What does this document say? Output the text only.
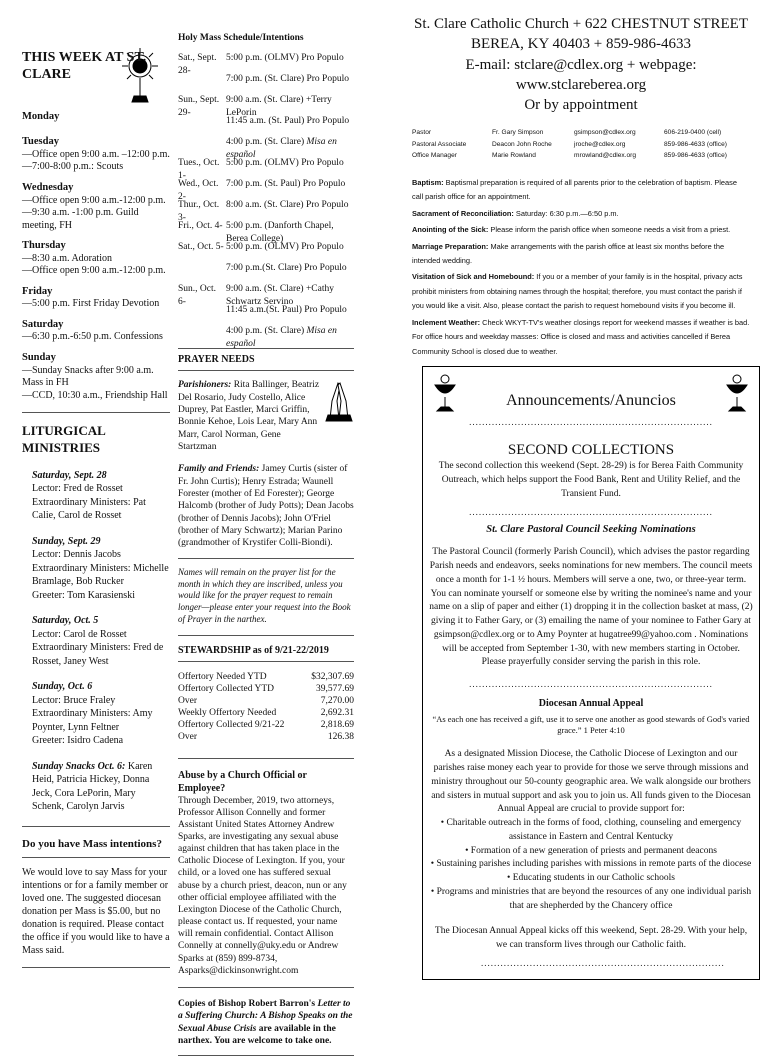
THIS WEEK AT ST. CLARE
Monday
Tuesday
—Office open 9:00 a.m. –12:00 p.m.
—7:00-8:00 p.m.: Scouts
Wednesday
—Office open 9:00 a.m.-12:00 p.m.
—9:30 a.m. -1:00 p.m. Guild meeting, FH
Thursday
—8:30 a.m. Adoration
—Office open 9:00 a.m.-12:00 p.m.
Friday
—5:00 p.m. First Friday Devotion
Saturday
—6:30 p.m.-6:50 p.m. Confessions
Sunday
—Sunday Snacks after 9:00 a.m. Mass in FH
—CCD, 10:30 a.m., Friendship Hall
LITURGICAL MINISTRIES
Saturday, Sept. 28
Lector: Fred de Rosset
Extraordinary Ministers: Pat Calie, Carol de Rosset
Sunday, Sept. 29
Lector: Dennis Jacobs
Extraordinary Ministers: Michelle Bramlage, Bob Rucker
Greeter: Tom Karasienski
Saturday, Oct. 5
Lector: Carol de Rosset
Extraordinary Ministers: Fred de Rosset, Janey West
Sunday, Oct. 6
Lector: Bruce Fraley
Extraordinary Ministers: Amy Poynter, Lynn Feltner
Greeter: Isidro Cadena
Sunday Snacks Oct. 6: Karen Heid, Patricia Hickey, Donna Jeck, Cora LePorin, Mary Schenk, Carolyn Jarvis
Do you have Mass intentions?
We would love to say Mass for your intentions or for a family member or loved one. The suggested diocesan donation per Mass is $5.00, but no donation is required. Please contact the office if you would like to have a Mass said.
Holy Mass Schedule/Intentions
Sat., Sept. 28-
5:00 p.m. (OLMV) Pro Populo
7:00 p.m. (St. Clare) Pro Populo
Sun., Sept. 29-
9:00 a.m. (St. Clare) +Terry LePorin
11:45 a.m. (St. Paul) Pro Populo
4:00 p.m. (St. Clare) Misa en español
Tues., Oct. 1-
5:00 p.m. (OLMV) Pro Populo
Wed., Oct. 2-
7:00 p.m. (St. Paul) Pro Populo
Thur., Oct. 3-
8:00 a.m. (St. Clare) Pro Populo
Fri., Oct. 4- 5:00 p.m. (Danforth Chapel, Berea College)
Sat., Oct. 5- 5:00 p.m. (OLMV) Pro Populo
7:00 p.m.(St. Clare) Pro Populo
Sun., Oct. 6-
9:00 a.m. (St. Clare) +Cathy Schwartz Servino
11:45 a.m.(St. Paul) Pro Populo
4:00 p.m. (St. Clare) Misa en español
PRAYER NEEDS
Parishioners: Rita Ballinger, Beatriz Del Rosario, Judy Costello, Alice Duprey, Pat Eastler, Marci Griffin, Bonnie Kehoe, Lois Lear, Mary Ann Marr, Carol Norman, Gene Startzman
Family and Friends: Jamey Curtis (sister of Fr. John Curtis); Henry Estrada; Waunell Forester (mother of Ed Forester); George Halcomb (brother of Judy Potts); Dean Jacobs (brother of Dennis Jacobs); John O'Friel (brother of Mary Schwartz); Marian Parino (grandmother of Krystifer Colli-Biondi).
Names will remain on the prayer list for the month in which they are inscribed, unless you would like for the prayer request to remain longer—please enter your request into the Book of Prayer in the narthex.
STEWARDSHIP as of 9/21-22/2019
Offertory Needed YTD	$32,307.69
Offertory Collected YTD	39,577.69
Over	7,270.00
Weekly Offertory Needed	2,692.31
Offertory Collected 9/21-22	2,818.69
Over	126.38
Abuse by a Church Official or Employee?
Through December, 2019, two attorneys, Professor Allison Connelly and former Assistant United States Attorney Andrew Sparks, are investigating any sexual abuse against children that has taken place in the Catholic Diocese of Lexington. If you, your child, or a loved one has suffered sexual abuse by a church priest, deacon, nun or any other official employee affiliated with the Lexington Diocese of the Catholic Church, please contact us. If requested, your name will remain confidential. Contact Allison Connelly at connelly@uky.edu or Andrew Sparks at (859) 899-8734, Asparks@dickinsonwright.com
Copies of Bishop Robert Barron's Letter to a Suffering Church: A Bishop Speaks on the Sexual Abuse Crisis are available in the narthex. You are welcome to take one.
St. Clare Catholic Church + 622 CHESTNUT STREET
BEREA, KY 40403 + 859-986-4633
E-mail: stclare@cdlex.org + webpage: www.stclareberea.org
Or by appointment
Pastor	Fr. Gary Simpson	gsimpson@cdlex.org	606-219-0400 (cell)
Pastoral Associate	Deacon John Roche	jroche@cdlex.org	859-986-4633 (office)
Office Manager	Marie Rowland	mrowland@cdlex.org	859-986-4633 (office)

Baptism: Baptismal preparation is required of all parents prior to the celebration of baptism. Please call parish office for an appointment.

Sacrament of Reconciliation: Saturday: 6:30 p.m.—6:50 p.m.

Anointing of the Sick: Please inform the parish office when someone needs a visit from a priest.

Marriage Preparation: Make arrangements with the parish office at least six months before the intended wedding.

Visitation of Sick and Homebound: If you or a member of your family is in the hospital, privacy acts prohibit ministers from obtaining names through the hospital; therefore, you must contact the parish if you would like a visit. Also, please contact the parish to request homebound visits if you become ill.

Inclement Weather: Check WKYT-TV's weather closings report for weekend masses if weather is bad. For office hours and weekday masses: Office is closed and mass and activities cancelled if Berea Community School is closed due to weather.

Announcements/Anuncios
...........................................................................
SECOND COLLECTIONS
The second collection this weekend (Sept. 28-29) is for Berea Faith Community Outreach, which helps support the Food Bank, Rent and Utility Relief, and the Transient Fund.
...........................................................................
St. Clare Pastoral Council Seeking Nominations
The Pastoral Council (formerly Parish Council), which advises the pastor regarding Parish needs and endeavors, seeks nominations for new members. The council meets once a month for 1-1 ½ hours. Members will serve a one, two, or three-year term. You can nominate yourself or someone else by writing the nominee's name and your name on a slip of paper and either (1) dropping it in the collection basket at mass, (2) giving it to Father Gary, or (3) emailing the name of your nominee to Father Gary at gsimpson@cdlex.org or to Amy Poynter at hugatree99@yahoo.com . Nominations will be accepted from September 1-30, with new members starting in October. Please prayerfully consider serving the parish in this role.
...........................................................................
Diocesan Annual Appeal
“As each one has received a gift, use it to serve one another as good stewards of God's varied grace.” 1 Peter 4:10
As a designated Mission Diocese, the Catholic Diocese of Lexington and our parishes raise money each year to provide for those we serve through missions and ministry throughout our 50-county geographic area. We walk alongside our brothers and sisters in mutual support and ask you to join us. All funds given to the Diocesan Annual Appeal are crucial to provide support for:
• Charitable outreach in the forms of food, clothing, counseling and emergency assistance in Eastern and Central Kentucky
• Formation of a new generation of priests and permanent deacons
• Sustaining parishes including parishes with missions in remote parts of the diocese
• Educating students in our Catholic schools
• Programs and ministries that are beyond the resources of any one individual parish that are shepherded by the Chancery office
The Diocesan Annual Appeal kicks off this weekend, Sept. 28-29. With your help, we can transform lives through our Catholic faith.
...........................................................................
